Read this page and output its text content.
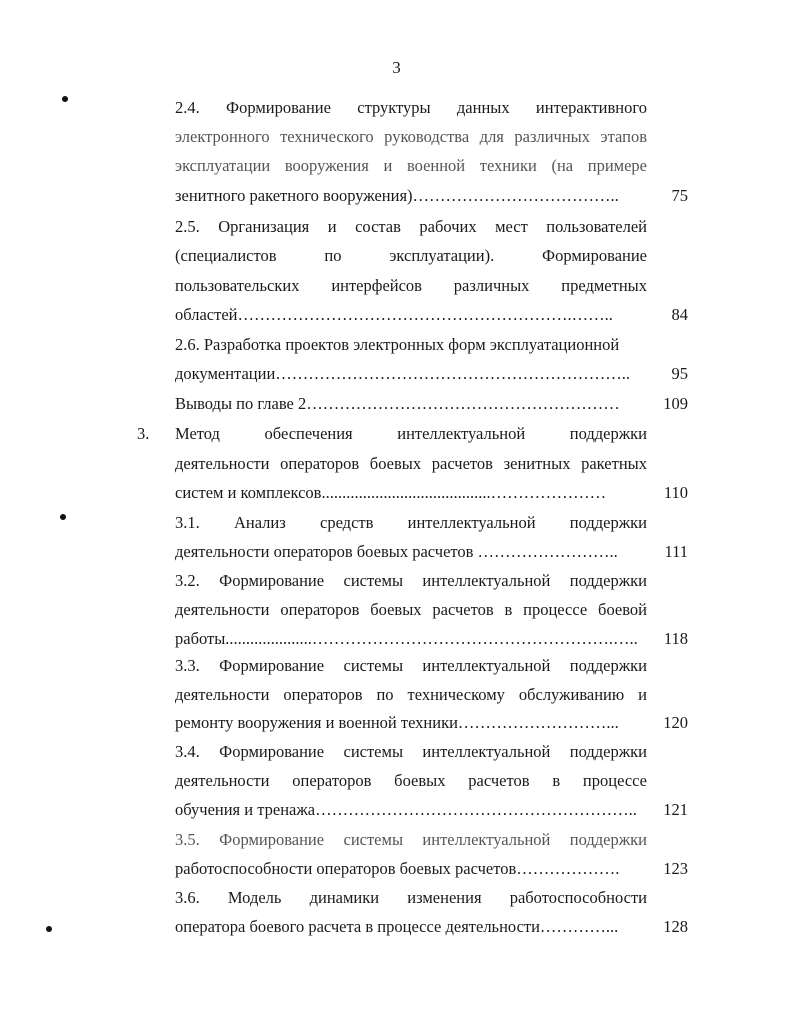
3
2.4. Формирование структуры данных интерактивного
электронного технического руководства для различных этапов
эксплуатации вооружения и военной техники (на примере
зенитного ракетного вооружения)………………………………..	75
2.5. Организация и состав рабочих мест пользователей
(специалистов по эксплуатации). Формирование
пользовательских интерфейсов различных предметных
областей…………………………………………………….……..	84
2.6. Разработка проектов электронных форм эксплуатационной
документации………………………………………………………..	95
Выводы по главе 2…………………………………………………	109
3. Метод обеспечения интеллектуальной поддержки
деятельности операторов боевых расчетов зенитных ракетных
систем и комплексов.........................................…………………	110
3.1. Анализ средств интеллектуальной поддержки
деятельности операторов боевых расчетов ……………………..	111
3.2. Формирование системы интеллектуальной поддержки
деятельности операторов боевых расчетов в процессе боевой
работы.....................……………………………………………….…..	118
3.3. Формирование системы интеллектуальной поддержки
деятельности операторов по техническому обслуживанию и
ремонту вооружения и военной техники………………………...	120
3.4. Формирование системы интеллектуальной поддержки
деятельности операторов боевых расчетов в процессе
обучения и тренажа…………………………………………………..	121
3.5. Формирование системы интеллектуальной поддержки
работоспособности операторов боевых расчетов……………….	123
3.6. Модель динамики изменения работоспособности
оператора боевого расчета в процессе деятельности…………...	128
